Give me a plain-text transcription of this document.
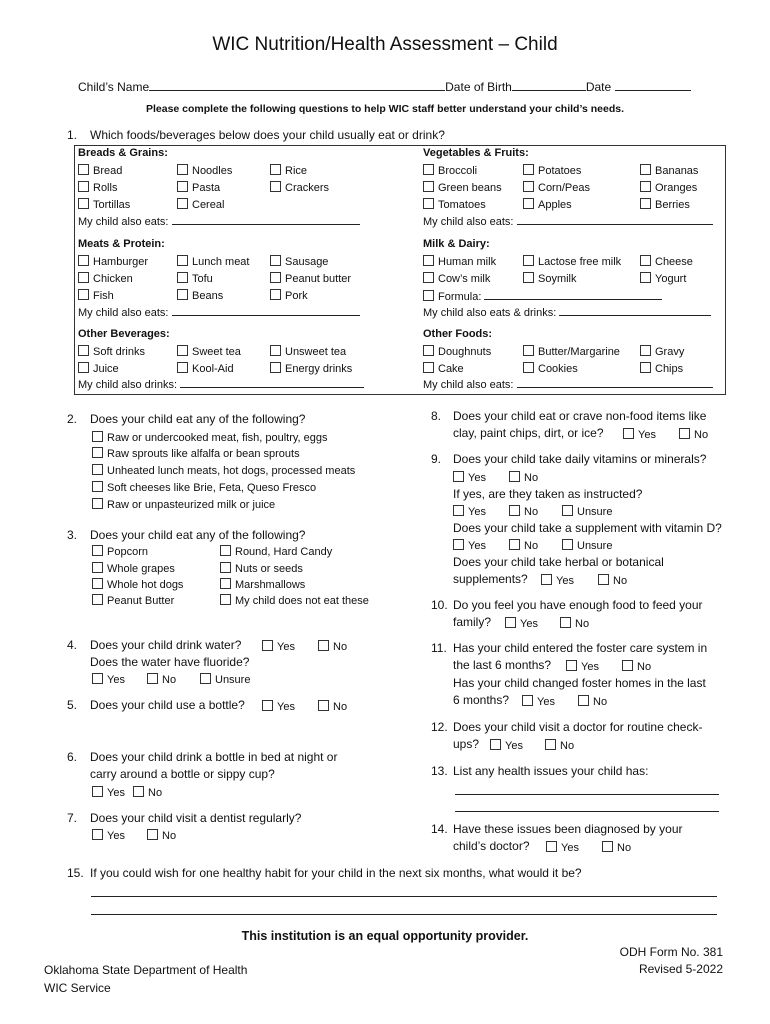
WIC Nutrition/Health Assessment – Child
Child’s Name	Date of Birth	Date
Please complete the following questions to help WIC staff better understand your child’s needs.
1. Which foods/beverages below does your child usually eat or drink?
Breads & Grains:
Bread	Noodles	Rice
Rolls	Pasta	Crackers
Tortillas	Cereal
My child also eats:
Vegetables & Fruits:
Broccoli	Potatoes	Bananas
Green beans	Corn/Peas	Oranges
Tomatoes	Apples	Berries
My child also eats:
Meats & Protein:
Hamburger	Lunch meat	Sausage
Chicken	Tofu	Peanut butter
Fish	Beans	Pork
My child also eats:
Milk & Dairy:
Human milk	Lactose free milk	Cheese
Cow’s milk	Soymilk	Yogurt
Formula:
My child also eats & drinks:
Other Beverages:
Soft drinks	Sweet tea	Unsweet tea
Juice	Kool-Aid	Energy drinks
My child also drinks:
Other Foods:
Doughnuts	Butter/Margarine	Gravy
Cake	Cookies	Chips
My child also eats:
2. Does your child eat any of the following?
Raw or undercooked meat, fish, poultry, eggs
Raw sprouts like alfalfa or bean sprouts
Unheated lunch meats, hot dogs, processed meats
Soft cheeses like Brie, Feta, Queso Fresco
Raw or unpasteurized milk or juice
3. Does your child eat any of the following?
Popcorn	Round, Hard Candy
Whole grapes	Nuts or seeds
Whole hot dogs	Marshmallows
Peanut Butter	My child does not eat these
4. Does your child drink water?	Yes	No
Does the water have fluoride?
Yes	No	Unsure
5. Does your child use a bottle?	Yes	No
6. Does your child drink a bottle in bed at night or
carry around a bottle or sippy cup?
Yes	No
7. Does your child visit a dentist regularly?
Yes	No
8. Does your child eat or crave non-food items like
clay, paint chips, dirt, or ice?	Yes	No
9. Does your child take daily vitamins or minerals?
Yes	No
If yes, are they taken as instructed?
Yes	No	Unsure
Does your child take a supplement with vitamin D?
Yes	No	Unsure
Does your child take herbal or botanical
supplements?	Yes	No
10. Do you feel you have enough food to feed your
family?	Yes	No
11. Has your child entered the foster care system in
the last 6 months?	Yes	No
Has your child changed foster homes in the last
6 months?	Yes	No
12. Does your child visit a doctor for routine check-
ups?	Yes	No
13. List any health issues your child has:
14. Have these issues been diagnosed by your
child’s doctor?	Yes	No
15. If you could wish for one healthy habit for your child in the next six months, what would it be?
This institution is an equal opportunity provider.
ODH Form No. 381
Revised 5-2022
Oklahoma State Department of Health
WIC Service
